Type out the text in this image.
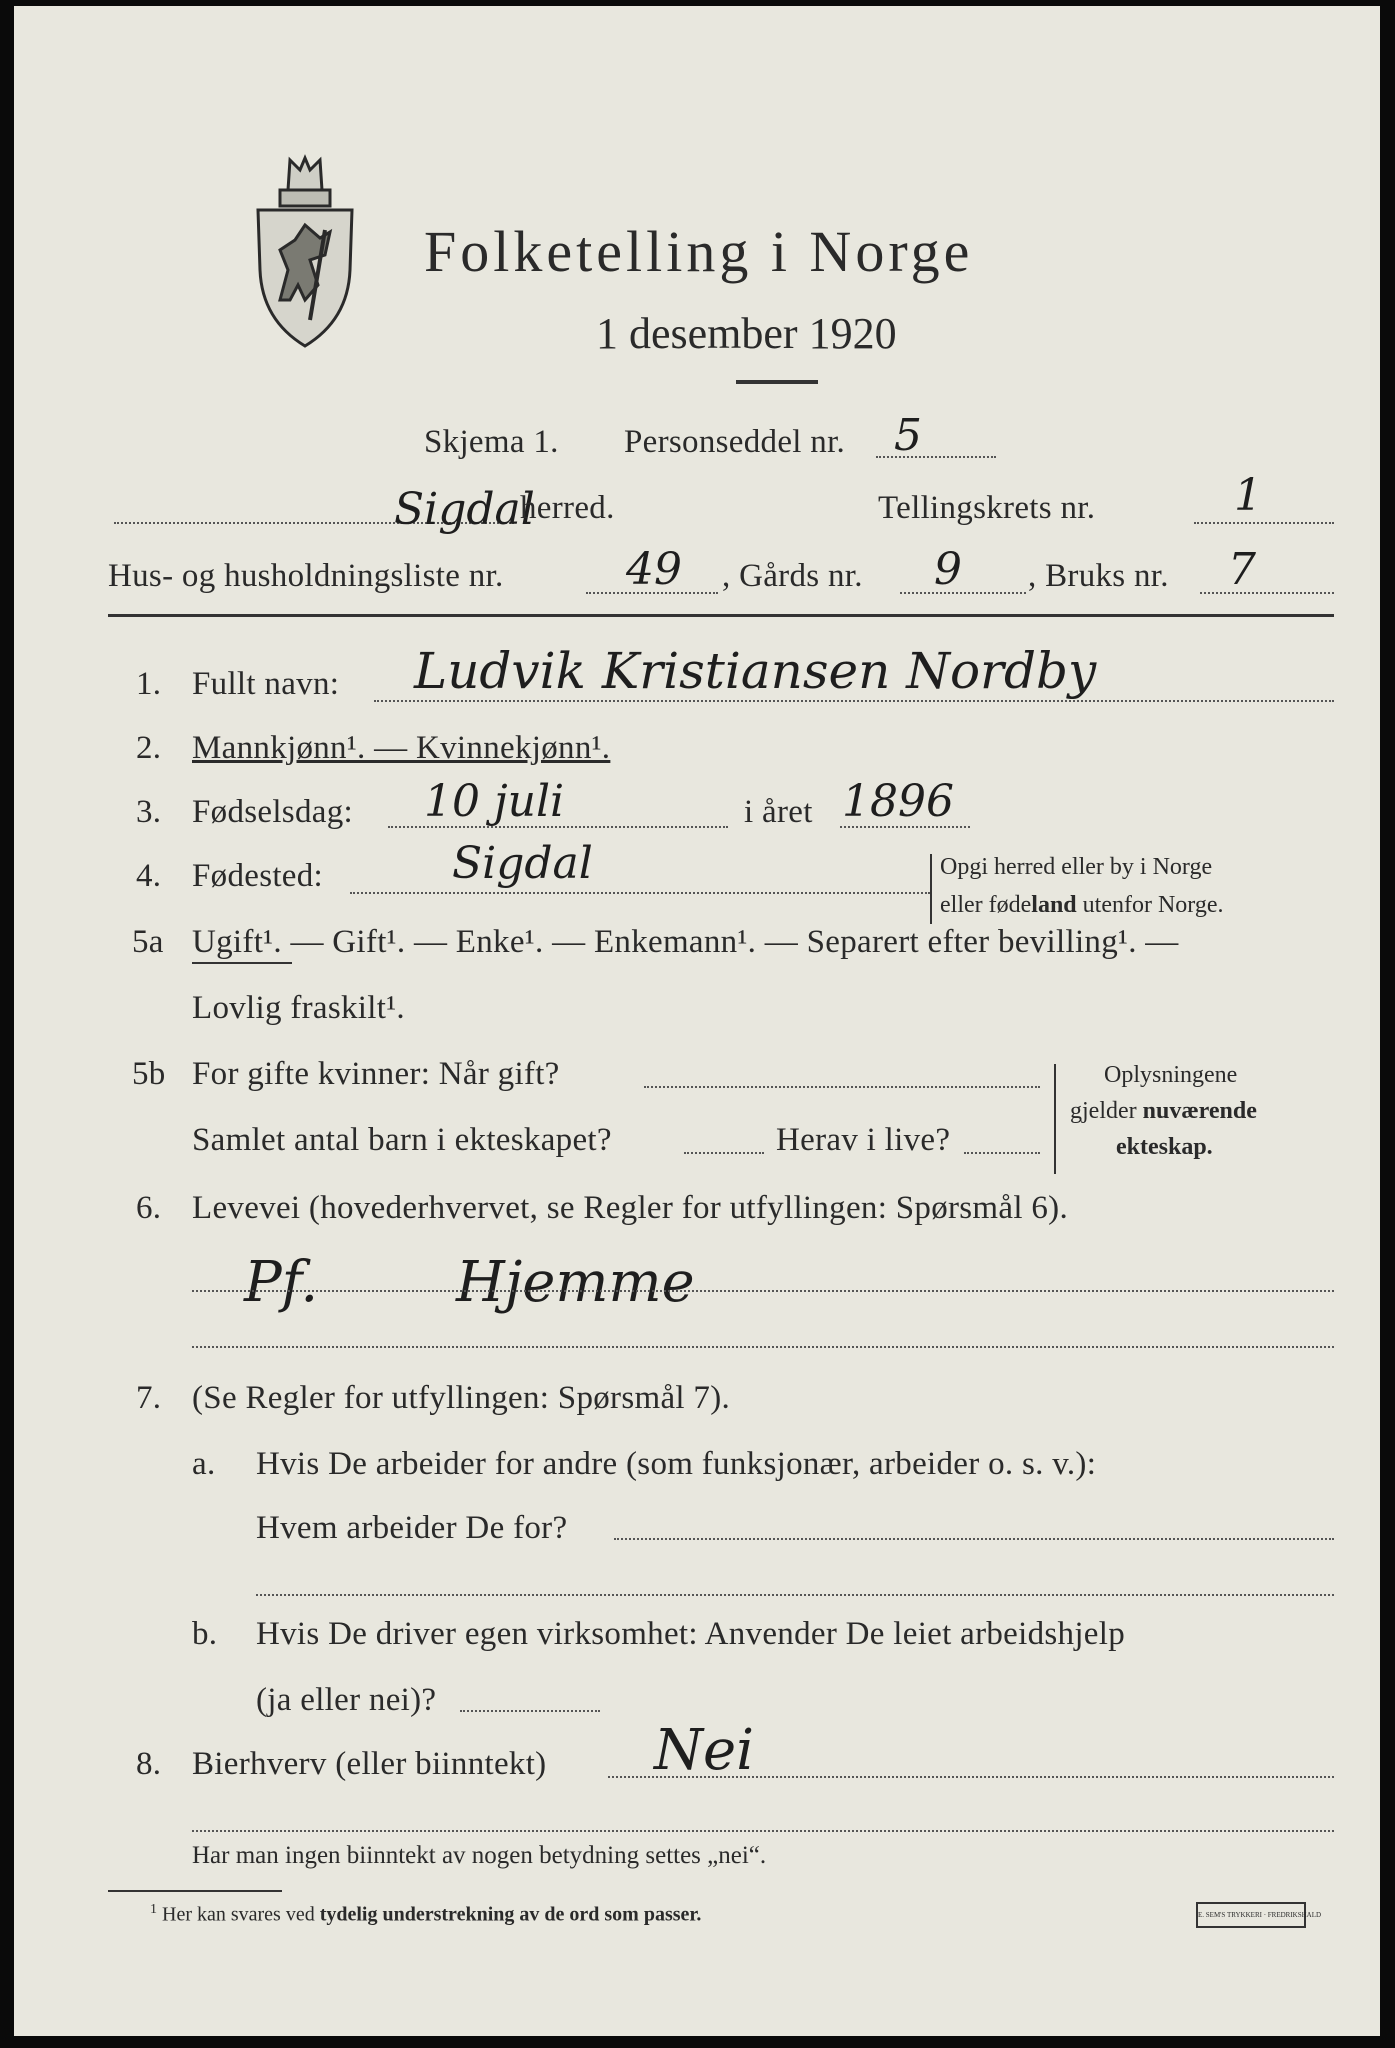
Folketelling i Norge
1 desember 1920
Skjema 1. Personseddel nr. 5
Sigdal
herred.	Tellingskrets nr.	1
Hus- og husholdningsliste nr.	49 , Gårds nr. 9 , Bruks nr. 7
1. Fullt navn: Ludvik Kristiansen Nordby
2. Mannkjønn¹. — Kvinnekjønn¹.
3. Fødselsdag: 10 juli	i året 1896
4. Fødested:	Sigdal	Opgi herred eller by i Norge
eller fødeland utenfor Norge.
5a Ugift¹. — Gift¹. — Enke¹. — Enkemann¹. — Separert efter bevilling¹. —
Lovlig fraskilt¹.
5b For gifte kvinner: Når gift?
Samlet antal barn i ekteskapet?	Herav i live?
Oplysningene
gjelder nuværende
ekteskap.
6. Levevei (hovederhvervet, se Regler for utfyllingen: Spørsmål 6).
Pf. Hjemme
7. (Se Regler for utfyllingen: Spørsmål 7).
a. Hvis De arbeider for andre (som funksjonær, arbeider o. s. v.):
Hvem arbeider De for?
b. Hvis De driver egen virksomhet: Anvender De leiet arbeidshjelp
(ja eller nei)?
8. Bierhverv (eller biinntekt) Nei
Har man ingen biinntekt av nogen betydning settes „nei“.
$^1$ Her kan svares ved tydelig understrekning av de ord som passer.	E. SEM'S TRYKKERI · FREDRIKSHALD
